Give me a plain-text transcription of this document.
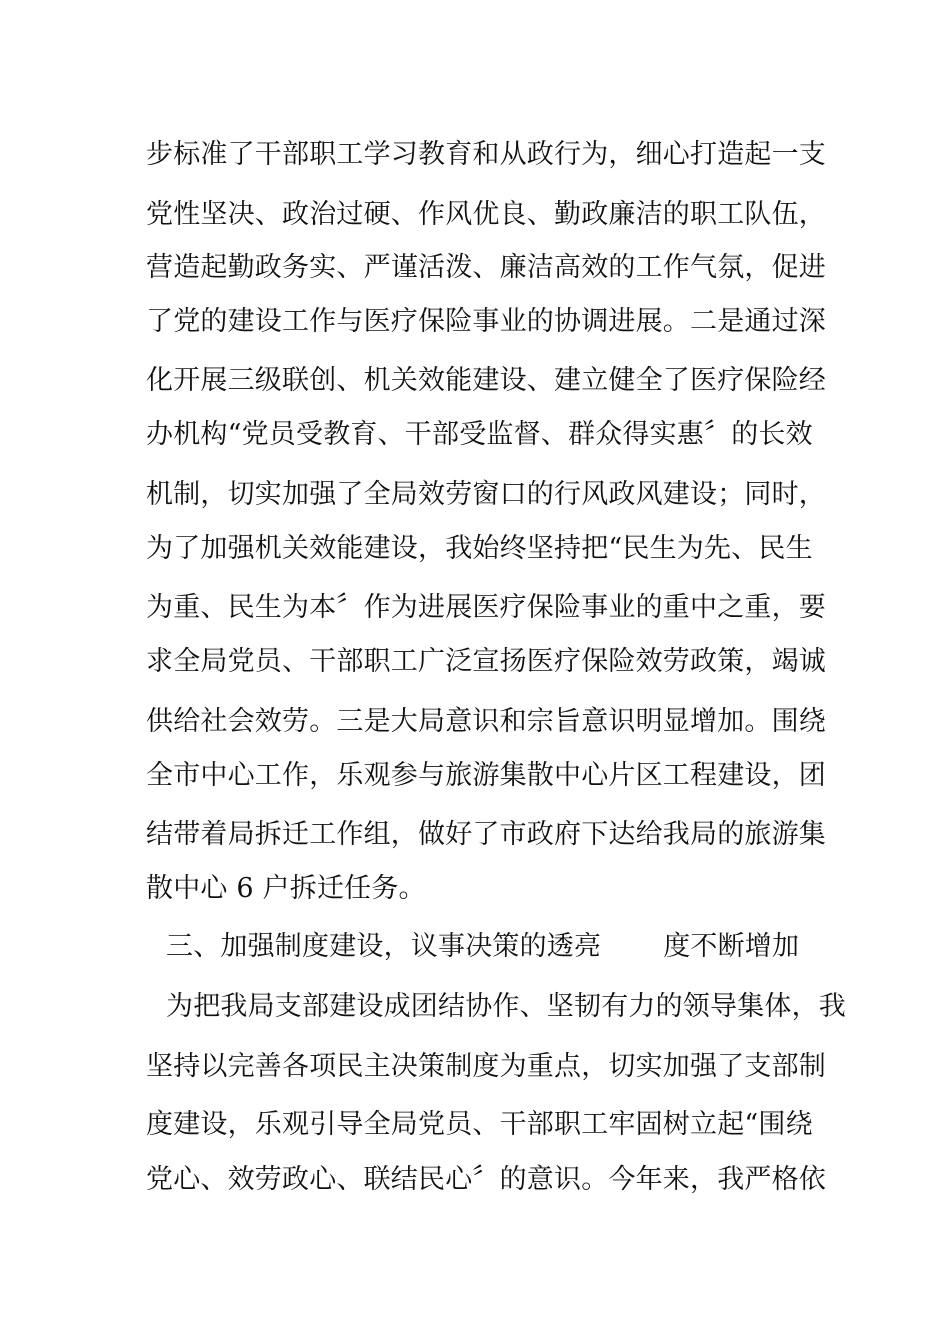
步标准了干部职工学习教育和从政行为，细心打造起一支
党性坚决、政治过硬、作风优良、勤政廉洁的职工队伍，
营造起勤政务实、严谨活泼、廉洁高效的工作气氛，促进
了党的建设工作与医疗保险事业的协调进展。二是通过深
化开展三级联创、机关效能建设、建立健全了医疗保险经
办机构“党员受教育、干部受监督、群众得实惠〞的长效
机制，切实加强了全局效劳窗口的行风政风建设；同时，
为了加强机关效能建设，我始终坚持把“民生为先、民生
为重、民生为本〞作为进展医疗保险事业的重中之重，要
求全局党员、干部职工广泛宣扬医疗保险效劳政策，竭诚
供给社会效劳。三是大局意识和宗旨意识明显增加。围绕
全市中心工作，乐观参与旅游集散中心片区工程建设，团
结带着局拆迁工作组，做好了市政府下达给我局的旅游集
散中心 6 户拆迁任务。
三、加强制度建设，议事决策的透亮 度不断增加
为把我局支部建设成团结协作、坚韧有力的领导集体，我
坚持以完善各项民主决策制度为重点，切实加强了支部制
度建设，乐观引导全局党员、干部职工牢固树立起“围绕
党心、效劳政心、联结民心〞的意识。今年来，我严格依
